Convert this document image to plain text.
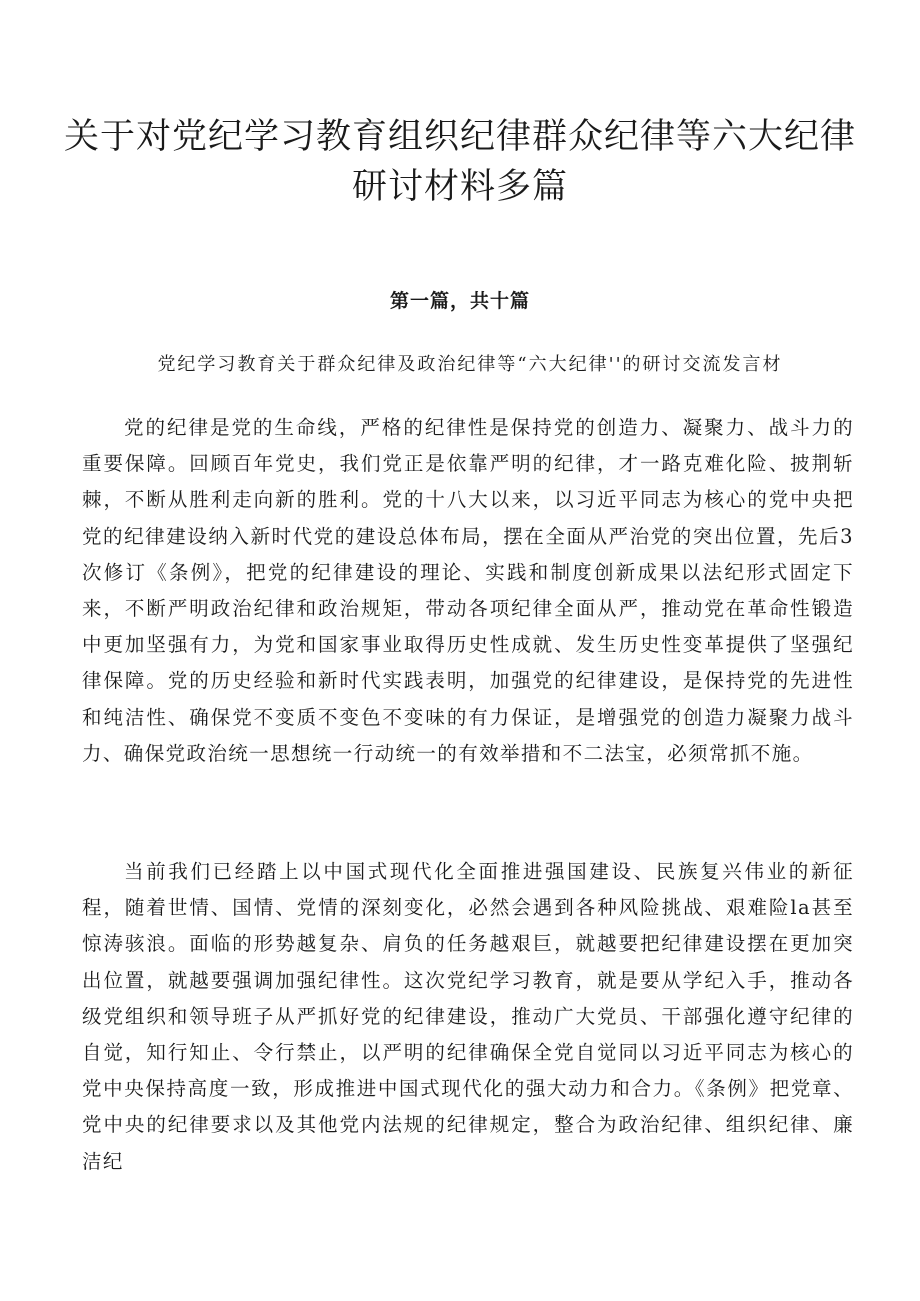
关于对党纪学习教育组织纪律群众纪律等六大纪律研讨材料多篇
第一篇，共十篇
党纪学习教育关于群众纪律及政治纪律等“六大纪律''的研讨交流发言材

党的纪律是党的生命线，严格的纪律性是保持党的创造力、凝聚力、战斗力的重要保障。回顾百年党史，我们党正是依靠严明的纪律，才一路克难化险、披荆斩棘，不断从胜利走向新的胜利。党的十八大以来，以习近平同志为核心的党中央把党的纪律建设纳入新时代党的建设总体布局，摆在全面从严治党的突出位置，先后3次修订《条例》，把党的纪律建设的理论、实践和制度创新成果以法纪形式固定下来，不断严明政治纪律和政治规矩，带动各项纪律全面从严，推动党在革命性锻造中更加坚强有力，为党和国家事业取得历史性成就、发生历史性变革提供了坚强纪律保障。党的历史经验和新时代实践表明，加强党的纪律建设，是保持党的先进性和纯洁性、确保党不变质不变色不变味的有力保证，是增强党的创造力凝聚力战斗力、确保党政治统一思想统一行动统一的有效举措和不二法宝，必须常抓不施。

当前我们已经踏上以中国式现代化全面推进强国建设、民族复兴伟业的新征程，随着世情、国情、党情的深刻变化，必然会遇到各种风险挑战、艰难险la甚至惊涛骇浪。面临的形势越复杂、肩负的任务越艰巨，就越要把纪律建设摆在更加突出位置，就越要强调加强纪律性。这次党纪学习教育，就是要从学纪入手，推动各级党组织和领导班子从严抓好党的纪律建设，推动广大党员、干部强化遵守纪律的自觉，知行知止、令行禁止，以严明的纪律确保全党自觉同以习近平同志为核心的党中央保持高度一致，形成推进中国式现代化的强大动力和合力。《条例》把党章、党中央的纪律要求以及其他党内法规的纪律规定，整合为政治纪律、组织纪律、廉洁纪
